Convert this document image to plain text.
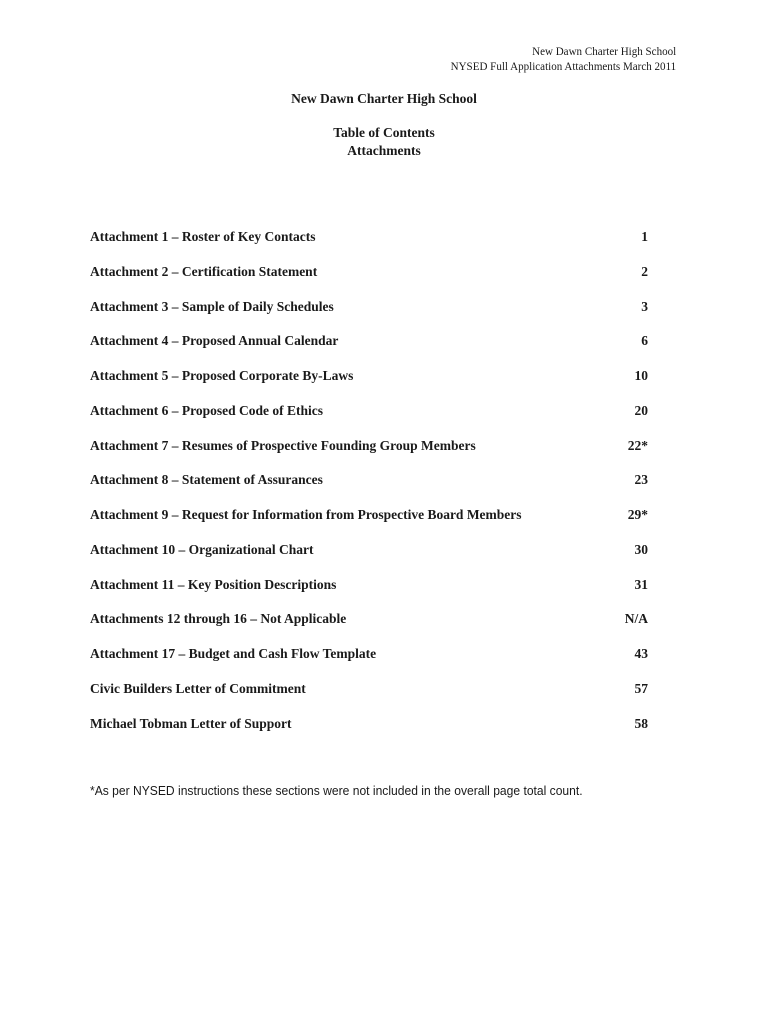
New Dawn Charter High School
NYSED Full Application Attachments March 2011
New Dawn Charter High School
Table of Contents
Attachments
Attachment 1 – Roster of Key Contacts	1
Attachment 2 – Certification Statement	2
Attachment 3 – Sample of Daily Schedules	3
Attachment 4 – Proposed Annual Calendar	6
Attachment 5 – Proposed Corporate By-Laws	10
Attachment 6 – Proposed Code of Ethics	20
Attachment 7 – Resumes of Prospective Founding Group Members	22*
Attachment 8 – Statement of Assurances	23
Attachment 9 – Request for Information from Prospective Board Members	29*
Attachment 10 – Organizational Chart	30
Attachment 11 – Key Position Descriptions	31
Attachments 12 through 16 – Not Applicable	N/A
Attachment 17 – Budget and Cash Flow Template	43
Civic Builders Letter of Commitment	57
Michael Tobman Letter of Support	58
*As per NYSED instructions these sections were not included in the overall page total count.
